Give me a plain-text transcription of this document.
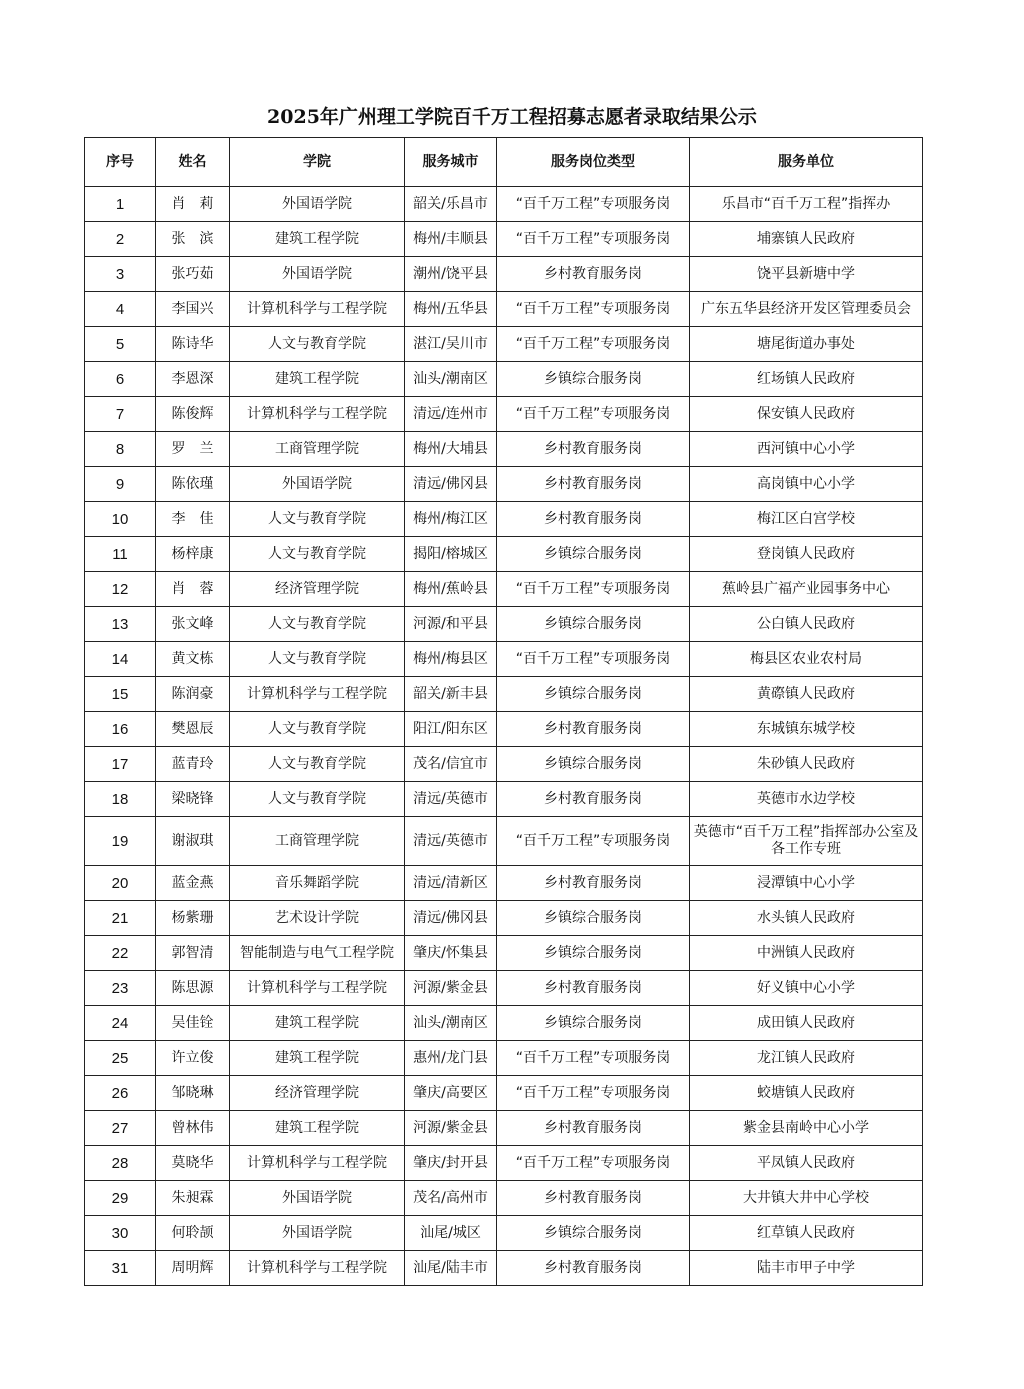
2025年广州理工学院百千万工程招募志愿者录取结果公示
序号	姓名	学院	服务城市	服务岗位类型	服务单位
1	肖　莉	外国语学院	韶关/乐昌市	“百千万工程”专项服务岗	乐昌市“百千万工程”指挥办
2	张　滨	建筑工程学院	梅州/丰顺县	“百千万工程”专项服务岗	埔寨镇人民政府
3	张巧茹	外国语学院	潮州/饶平县	乡村教育服务岗	饶平县新塘中学
4	李国兴	计算机科学与工程学院	梅州/五华县	“百千万工程”专项服务岗	广东五华县经济开发区管理委员会
5	陈诗华	人文与教育学院	湛江/吴川市	“百千万工程”专项服务岗	塘尾街道办事处
6	李恩深	建筑工程学院	汕头/潮南区	乡镇综合服务岗	红场镇人民政府
7	陈俊辉	计算机科学与工程学院	清远/连州市	“百千万工程”专项服务岗	保安镇人民政府
8	罗　兰	工商管理学院	梅州/大埔县	乡村教育服务岗	西河镇中心小学
9	陈依瑾	外国语学院	清远/佛冈县	乡村教育服务岗	高岗镇中心小学
10	李　佳	人文与教育学院	梅州/梅江区	乡村教育服务岗	梅江区白宫学校
11	杨梓康	人文与教育学院	揭阳/榕城区	乡镇综合服务岗	登岗镇人民政府
12	肖　蓉	经济管理学院	梅州/蕉岭县	“百千万工程”专项服务岗	蕉岭县广福产业园事务中心
13	张文峰	人文与教育学院	河源/和平县	乡镇综合服务岗	公白镇人民政府
14	黄文栋	人文与教育学院	梅州/梅县区	“百千万工程”专项服务岗	梅县区农业农村局
15	陈润豪	计算机科学与工程学院	韶关/新丰县	乡镇综合服务岗	黄磜镇人民政府
16	樊恩辰	人文与教育学院	阳江/阳东区	乡村教育服务岗	东城镇东城学校
17	蓝青玲	人文与教育学院	茂名/信宜市	乡镇综合服务岗	朱砂镇人民政府
18	梁晓锋	人文与教育学院	清远/英德市	乡村教育服务岗	英德市水边学校
19	谢淑琪	工商管理学院	清远/英德市	“百千万工程”专项服务岗	英德市“百千万工程”指挥部办公室及各工作专班
20	蓝金燕	音乐舞蹈学院	清远/清新区	乡村教育服务岗	浸潭镇中心小学
21	杨紫珊	艺术设计学院	清远/佛冈县	乡镇综合服务岗	水头镇人民政府
22	郭智清	智能制造与电气工程学院	肇庆/怀集县	乡镇综合服务岗	中洲镇人民政府
23	陈思源	计算机科学与工程学院	河源/紫金县	乡村教育服务岗	好义镇中心小学
24	吴佳铨	建筑工程学院	汕头/潮南区	乡镇综合服务岗	成田镇人民政府
25	许立俊	建筑工程学院	惠州/龙门县	“百千万工程”专项服务岗	龙江镇人民政府
26	邹晓琳	经济管理学院	肇庆/高要区	“百千万工程”专项服务岗	蛟塘镇人民政府
27	曾林伟	建筑工程学院	河源/紫金县	乡村教育服务岗	紫金县南岭中心小学
28	莫晓华	计算机科学与工程学院	肇庆/封开县	“百千万工程”专项服务岗	平凤镇人民政府
29	朱昶霖	外国语学院	茂名/高州市	乡村教育服务岗	大井镇大井中心学校
30	何聆颉	外国语学院	汕尾/城区	乡镇综合服务岗	红草镇人民政府
31	周明辉	计算机科学与工程学院	汕尾/陆丰市	乡村教育服务岗	陆丰市甲子中学
